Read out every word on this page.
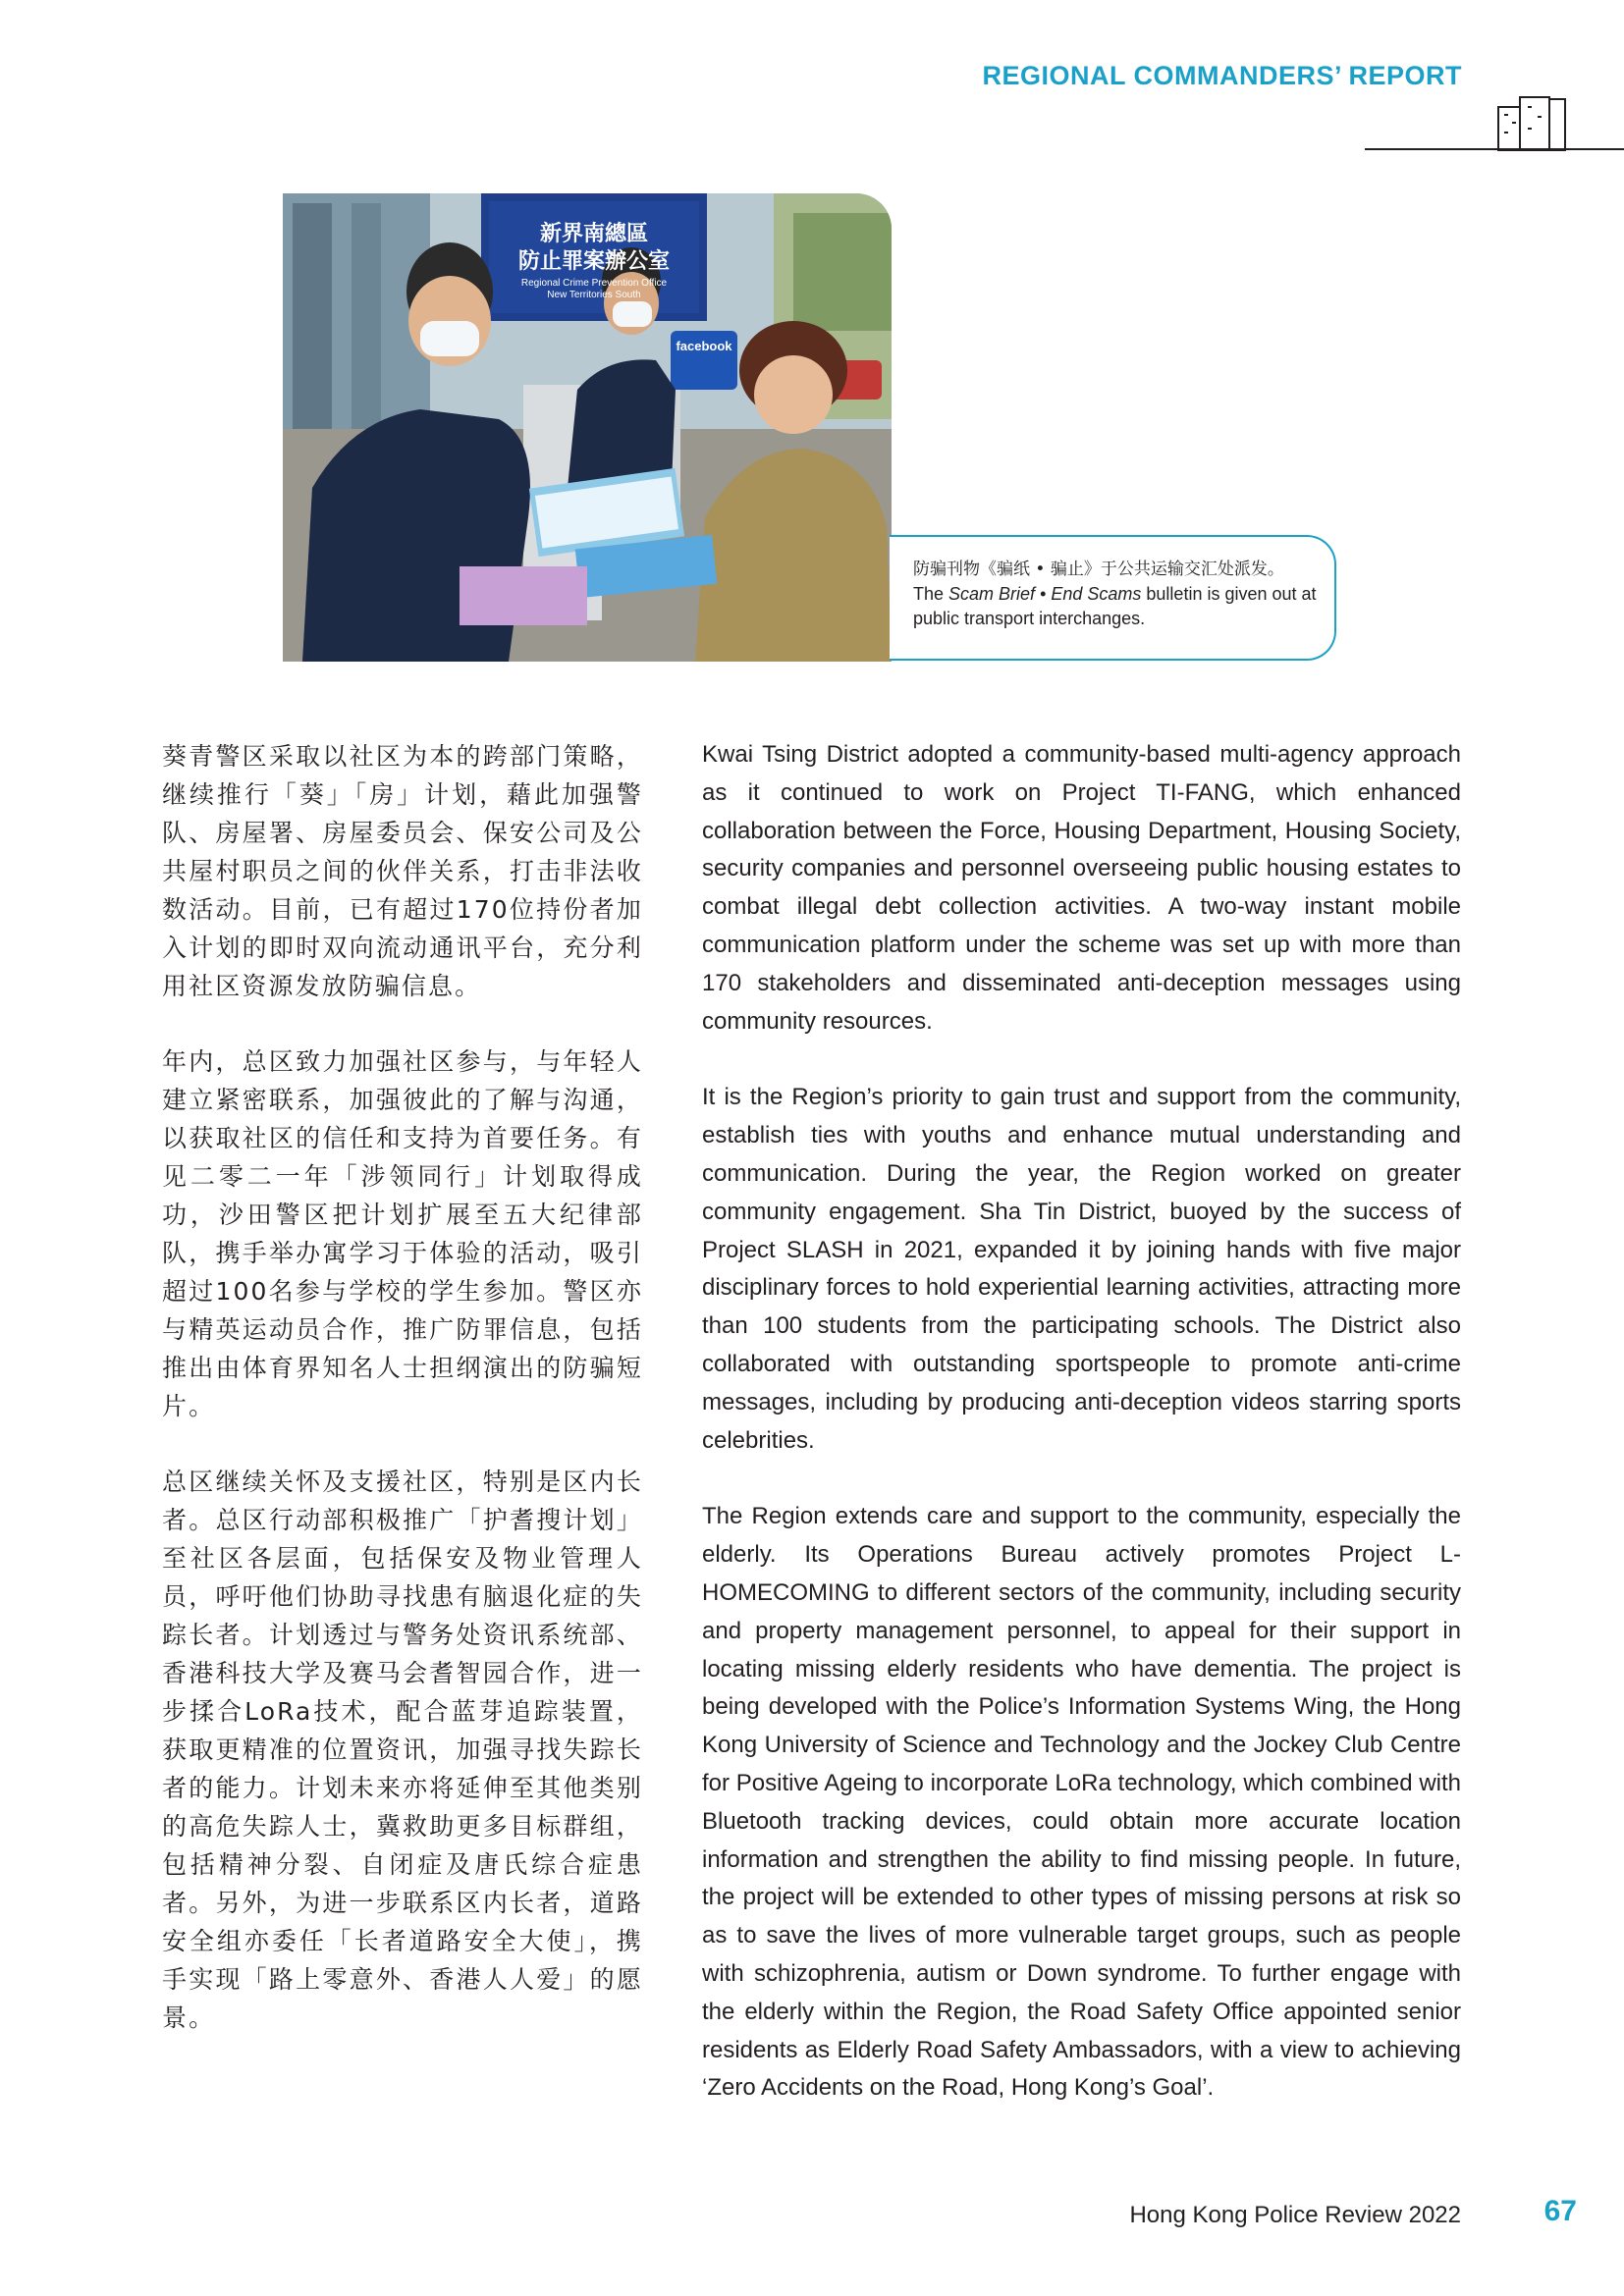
REGIONAL COMMANDERS’ REPORT
新界南總區
防止罪案辦公室
Regional Crime Prevention Office
New Territories South
facebook
防骗刊物《骗纸 • 骗止》于公共运输交汇处派发。
The Scam Brief • End Scams bulletin is given out at public transport interchanges.

葵青警区采取以社区为本的跨部门策略，继续推行「葵」「房」计划，藉此加强警队、房屋署、房屋委员会、保安公司及公共屋村职员之间的伙伴关系，打击非法收数活动。目前，已有超过170位持份者加入计划的即时双向流动通讯平台，充分利用社区资源发放防骗信息。

年内，总区致力加强社区参与，与年轻人建立紧密联系，加强彼此的了解与沟通，以获取社区的信任和支持为首要任务。有见二零二一年「涉领同行」计划取得成功，沙田警区把计划扩展至五大纪律部队，携手举办寓学习于体验的活动，吸引超过100名参与学校的学生参加。警区亦与精英运动员合作，推广防罪信息，包括推出由体育界知名人士担纲演出的防骗短片。

总区继续关怀及支援社区，特别是区内长者。总区行动部积极推广「护耆搜计划」至社区各层面，包括保安及物业管理人员，呼吁他们协助寻找患有脑退化症的失踪长者。计划透过与警务处资讯系统部、香港科技大学及赛马会耆智园合作，进一步揉合LoRa技术，配合蓝芽追踪装置，获取更精准的位置资讯，加强寻找失踪长者的能力。计划未来亦将延伸至其他类别的高危失踪人士，冀救助更多目标群组，包括精神分裂、自闭症及唐氏综合症患者。另外，为进一步联系区内长者，道路安全组亦委任「长者道路安全大使」，携手实现「路上零意外、香港人人爱」的愿景。

Kwai Tsing District adopted a community-based multi-agency approach as it continued to work on Project TI-FANG, which enhanced collaboration between the Force, Housing Department, Housing Society, security companies and personnel overseeing public housing estates to combat illegal debt collection activities. A two-way instant mobile communication platform under the scheme was set up with more than 170 stakeholders and disseminated anti-deception messages using community resources.

It is the Region’s priority to gain trust and support from the community, establish ties with youths and enhance mutual understanding and communication. During the year, the Region worked on greater community engagement. Sha Tin District, buoyed by the success of Project SLASH in 2021, expanded it by joining hands with five major disciplinary forces to hold experiential learning activities, attracting more than 100 students from the participating schools. The District also collaborated with outstanding sportspeople to promote anti-crime messages, including by producing anti-deception videos starring sports celebrities.

The Region extends care and support to the community, especially the elderly. Its Operations Bureau actively promotes Project L-HOMECOMING to different sectors of the community, including security and property management personnel, to appeal for their support in locating missing elderly residents who have dementia. The project is being developed with the Police’s Information Systems Wing, the Hong Kong University of Science and Technology and the Jockey Club Centre for Positive Ageing to incorporate LoRa technology, which combined with Bluetooth tracking devices, could obtain more accurate location information and strengthen the ability to find missing people. In future, the project will be extended to other types of missing persons at risk so as to save the lives of more vulnerable target groups, such as people with schizophrenia, autism or Down syndrome. To further engage with the elderly within the Region, the Road Safety Office appointed senior residents as Elderly Road Safety Ambassadors, with a view to achieving ‘Zero Accidents on the Road, Hong Kong’s Goal’.

Hong Kong Police Review 2022	67
